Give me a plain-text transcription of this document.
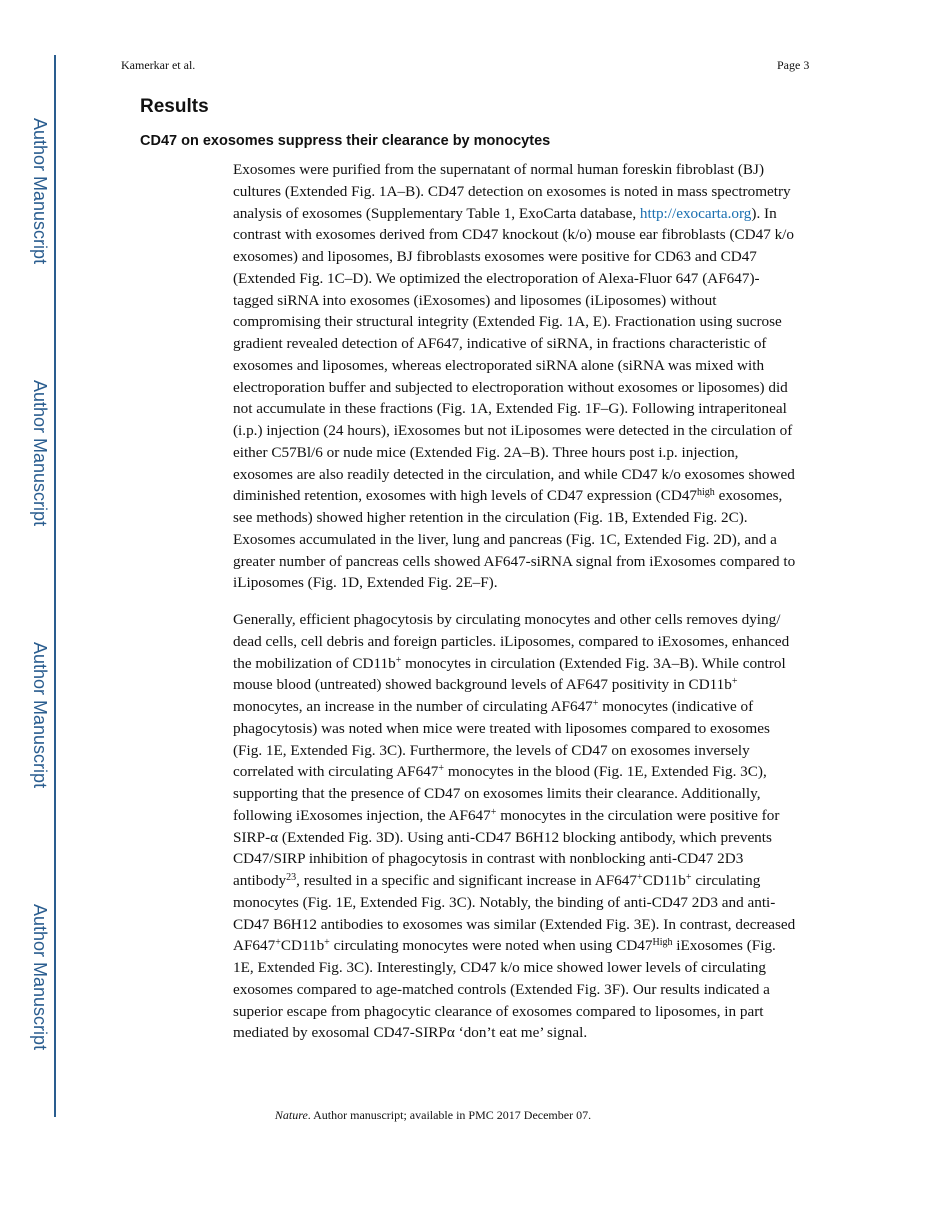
Author Manuscript
Author Manuscript
Author Manuscript
Author Manuscript
Kamerkar et al.	Page 3
Results
CD47 on exosomes suppress their clearance by monocytes
Exosomes were purified from the supernatant of normal human foreskin fibroblast (BJ)
cultures (Extended Fig. 1A–B). CD47 detection on exosomes is noted in mass spectrometry
analysis of exosomes (Supplementary Table 1, ExoCarta database, http://exocarta.org). In
contrast with exosomes derived from CD47 knockout (k/o) mouse ear fibroblasts (CD47 k/o
exosomes) and liposomes, BJ fibroblasts exosomes were positive for CD63 and CD47
(Extended Fig. 1C–D). We optimized the electroporation of Alexa-Fluor 647 (AF647)-
tagged siRNA into exosomes (iExosomes) and liposomes (iLiposomes) without
compromising their structural integrity (Extended Fig. 1A, E). Fractionation using sucrose
gradient revealed detection of AF647, indicative of siRNA, in fractions characteristic of
exosomes and liposomes, whereas electroporated siRNA alone (siRNA was mixed with
electroporation buffer and subjected to electroporation without exosomes or liposomes) did
not accumulate in these fractions (Fig. 1A, Extended Fig. 1F–G). Following intraperitoneal
(i.p.) injection (24 hours), iExosomes but not iLiposomes were detected in the circulation of
either C57Bl/6 or nude mice (Extended Fig. 2A–B). Three hours post i.p. injection,
exosomes are also readily detected in the circulation, and while CD47 k/o exosomes showed
diminished retention, exosomes with high levels of CD47 expression ($CD47^{high}$ exosomes,
see methods) showed higher retention in the circulation (Fig. 1B, Extended Fig. 2C).
Exosomes accumulated in the liver, lung and pancreas (Fig. 1C, Extended Fig. 2D), and a
greater number of pancreas cells showed AF647-siRNA signal from iExosomes compared to
iLiposomes (Fig. 1D, Extended Fig. 2E–F).
Generally, efficient phagocytosis by circulating monocytes and other cells removes dying/
dead cells, cell debris and foreign particles. iLiposomes, compared to iExosomes, enhanced
the mobilization of CD11b+ monocytes in circulation (Extended Fig. 3A–B). While control
mouse blood (untreated) showed background levels of AF647 positivity in CD11b+
monocytes, an increase in the number of circulating AF647+ monocytes (indicative of
phagocytosis) was noted when mice were treated with liposomes compared to exosomes
(Fig. 1E, Extended Fig. 3C). Furthermore, the levels of CD47 on exosomes inversely
correlated with circulating AF647+ monocytes in the blood (Fig. 1E, Extended Fig. 3C),
supporting that the presence of CD47 on exosomes limits their clearance. Additionally,
following iExosomes injection, the AF647+ monocytes in the circulation were positive for
SIRP-α (Extended Fig. 3D). Using anti-CD47 B6H12 blocking antibody, which prevents
CD47/SIRP inhibition of phagocytosis in contrast with nonblocking anti-CD47 2D3
antibody$^{23}$, resulted in a specific and significant increase in AF647+CD11b+ circulating
monocytes (Fig. 1E, Extended Fig. 3C). Notably, the binding of anti-CD47 2D3 and anti-
CD47 B6H12 antibodies to exosomes was similar (Extended Fig. 3E). In contrast, decreased
AF647+CD11b+ circulating monocytes were noted when using $CD47^{High}$ iExosomes (Fig.
1E, Extended Fig. 3C). Interestingly, CD47 k/o mice showed lower levels of circulating
exosomes compared to age-matched controls (Extended Fig. 3F). Our results indicated a
superior escape from phagocytic clearance of exosomes compared to liposomes, in part
mediated by exosomal CD47-SIRPα ‘don’t eat me’ signal.
Nature. Author manuscript; available in PMC 2017 December 07.
